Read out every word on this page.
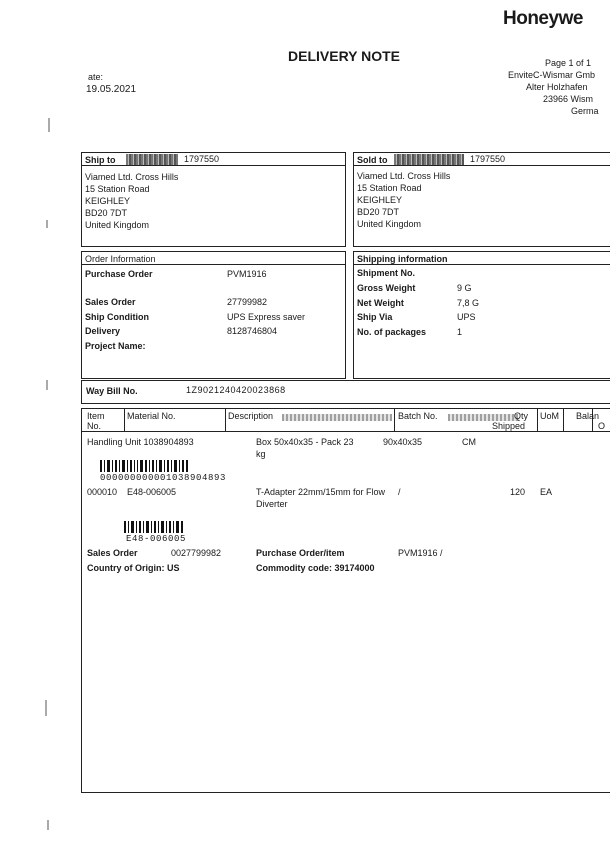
Honeywe
DELIVERY NOTE
ate:
19.05.2021
Page 1 of 1
EnviteC-Wismar Gmb
Alter Holzhafen
23966 Wism
Germa
Ship to	1797550
Viamed Ltd. Cross Hills
15 Station Road
KEIGHLEY
BD20 7DT
United Kingdom
Sold to	1797550
Viamed Ltd. Cross Hills
15 Station Road
KEIGHLEY
BD20 7DT
United Kingdom
Order Information
Purchase Order	PVM1916
Sales Order	27799982
Ship Condition	UPS Express saver
Delivery	8128746804
Project Name:
Shipping information
Shipment No.
Gross Weight	9 G
Net Weight	7,8 G
Ship Via	UPS
No. of packages	1
Way Bill No.	1Z9021240420023868
Item
No.
Material No.	Description	Batch No.	Qty
Shipped
UoM Balan
O
Handling Unit 1038904893	Box 50x40x35 - Pack 23
kg
90x40x35	CM
000000000001038904893
000010 E48-006005	T-Adapter 22mm/15mm for Flow
Diverter
/	120 EA
E48-006005
Sales Order	0027799982	Purchase Order/item	PVM1916 /
Country of Origin: US	Commodity code: 39174000
